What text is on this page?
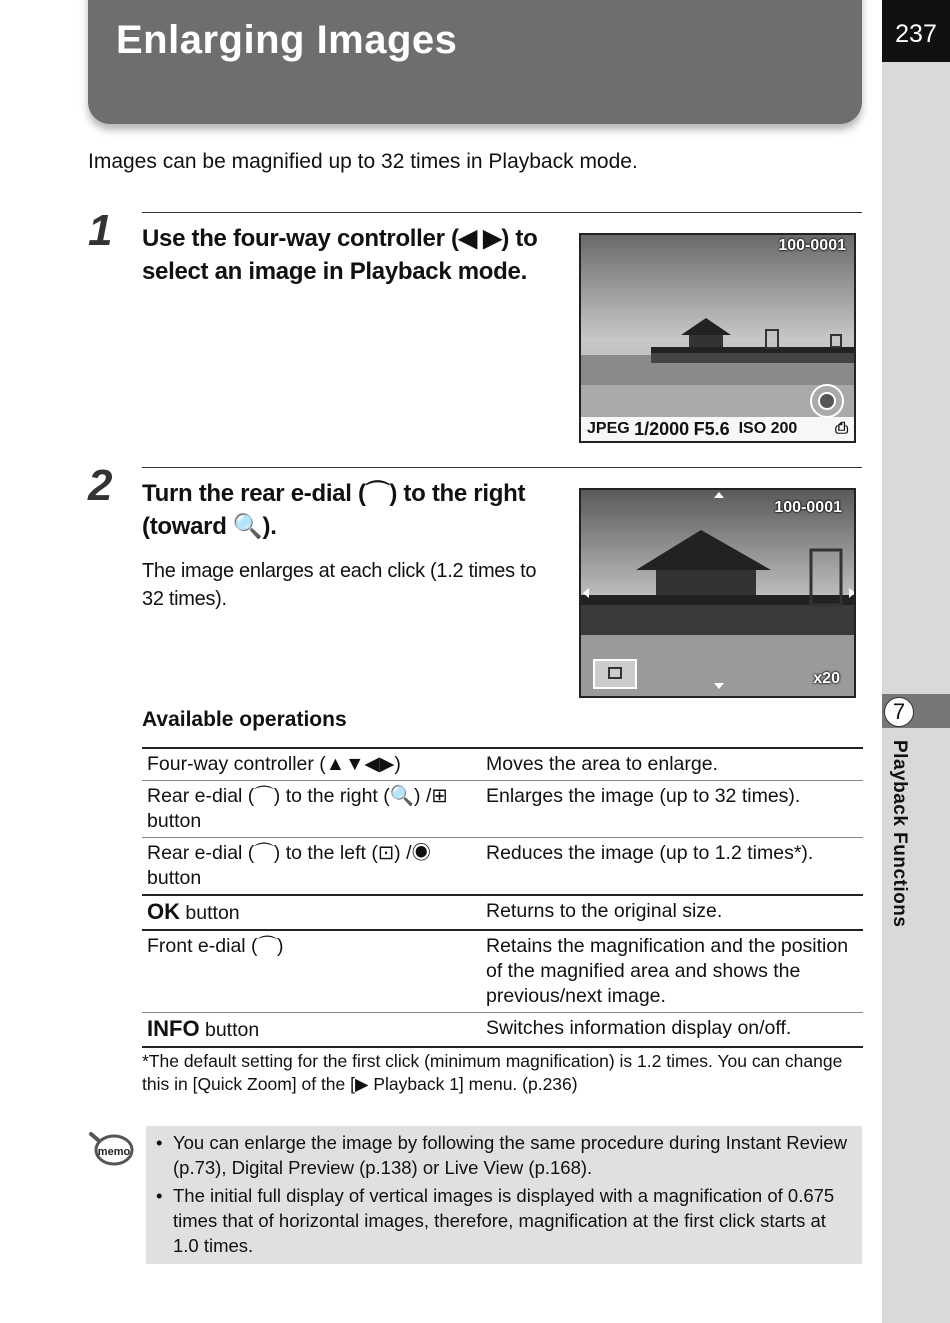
237
7
Playback Functions
Enlarging Images
Images can be magnified up to 32 times in Playback mode.
1 Use the four-way controller (◀ ▶) to select an image in Playback mode.
100-0001
JPEG
1/2000
F5.6
ISO 200 ⎙
2 Turn the rear e-dial (⌒) to the right (toward 🔍).
The image enlarges at each click (1.2 times to 32 times).
100-0001
x20
Available operations
Four-way controller (▲▼◀▶)	Moves the area to enlarge.
Rear e-dial (⌒) to the right (🔍) /⊞ button	Enlarges the image (up to 32 times).
Rear e-dial (⌒) to the left (⊡) /◉ button	Reduces the image (up to 1.2 times*).
OK button	Returns to the original size.
Front e-dial (⌒)	Retains the magnification and the position of the magnified area and shows the previous/next image.
INFO button	Switches information display on/off.
*The default setting for the first click (minimum magnification) is 1.2 times. You can change this in [Quick Zoom] of the [▶ Playback 1] menu. (p.236)
memo	• You can enlarge the image by following the same procedure during Instant Review (p.73), Digital Preview (p.138) or Live View (p.168).
• The initial full display of vertical images is displayed with a magnification of 0.675 times that of horizontal images, therefore, magnification at the first click starts at 1.0 times.
